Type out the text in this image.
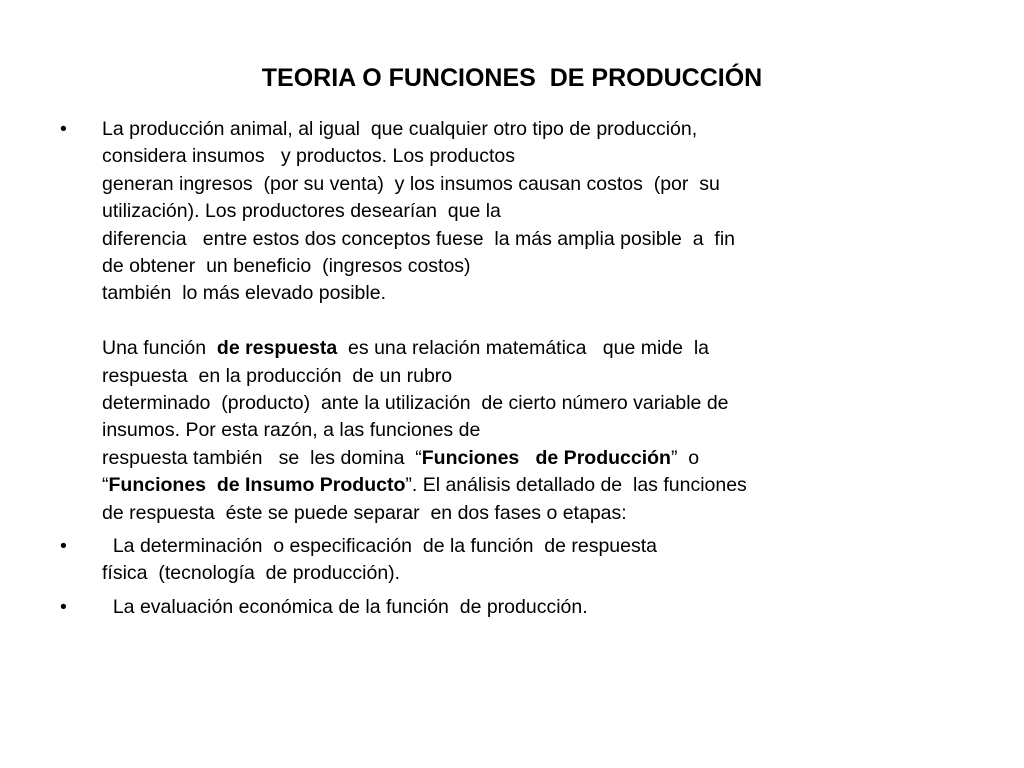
TEORIA O FUNCIONES  DE PRODUCCIÓN
•	La producción animal, al igual  que cualquier otro tipo de producción,
considera insumos   y productos. Los productos
generan ingresos  (por su venta)  y los insumos causan costos  (por  su
utilización). Los productores desearían  que la
diferencia   entre estos dos conceptos fuese  la más amplia posible  a  fin
de obtener  un beneficio  (ingresos costos)
también  lo más elevado posible.
Una función  de respuesta  es una relación matemática   que mide  la
respuesta  en la producción  de un rubro
determinado  (producto)  ante la utilización  de cierto número variable de
insumos. Por esta razón, a las funciones de
respuesta también   se  les domina  “Funciones   de Producción”  o
“Funciones  de Insumo Producto”. El análisis detallado de  las funciones
de respuesta  éste se puede separar  en dos fases o etapas:
•	La determinación  o especificación  de la función  de respuesta
física  (tecnología  de producción).
•	La evaluación económica de la función  de producción.
